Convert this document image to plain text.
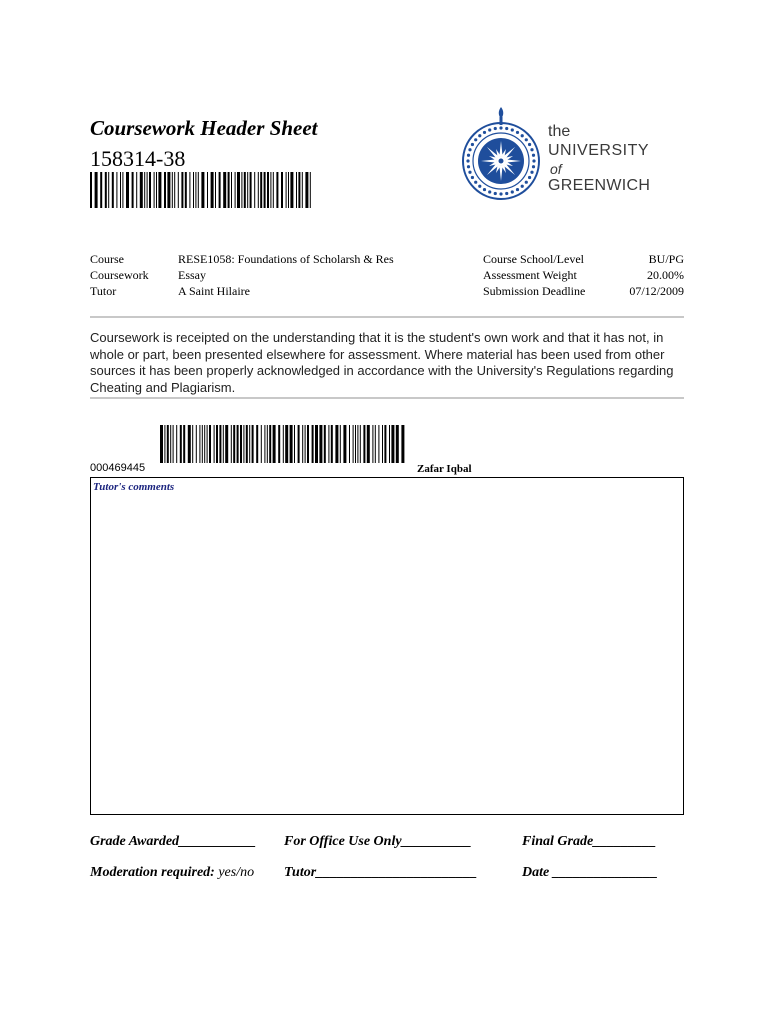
Coursework Header Sheet
158314-38
the
UNIVERSITY
of
GREENWICH
Course	RESE1058: Foundations of Scholarsh & Res	Course School/Level	BU/PG
Coursework Essay	Assessment Weight	20.00%
Tutor	A Saint Hilaire	Submission Deadline	07/12/2009
Coursework is receipted on the understanding that it is the student's own work and that it has not, in whole or part, been presented elsewhere for assessment. Where material has been used from other sources it has been properly acknowledged in accordance with the University's Regulations regarding Cheating and Plagiarism.
000469445	Zafar Iqbal
Tutor's comments
Grade Awarded___________ For Office Use Only__________	Final Grade_________
Moderation required: yes/no Tutor_______________________	Date _______________
